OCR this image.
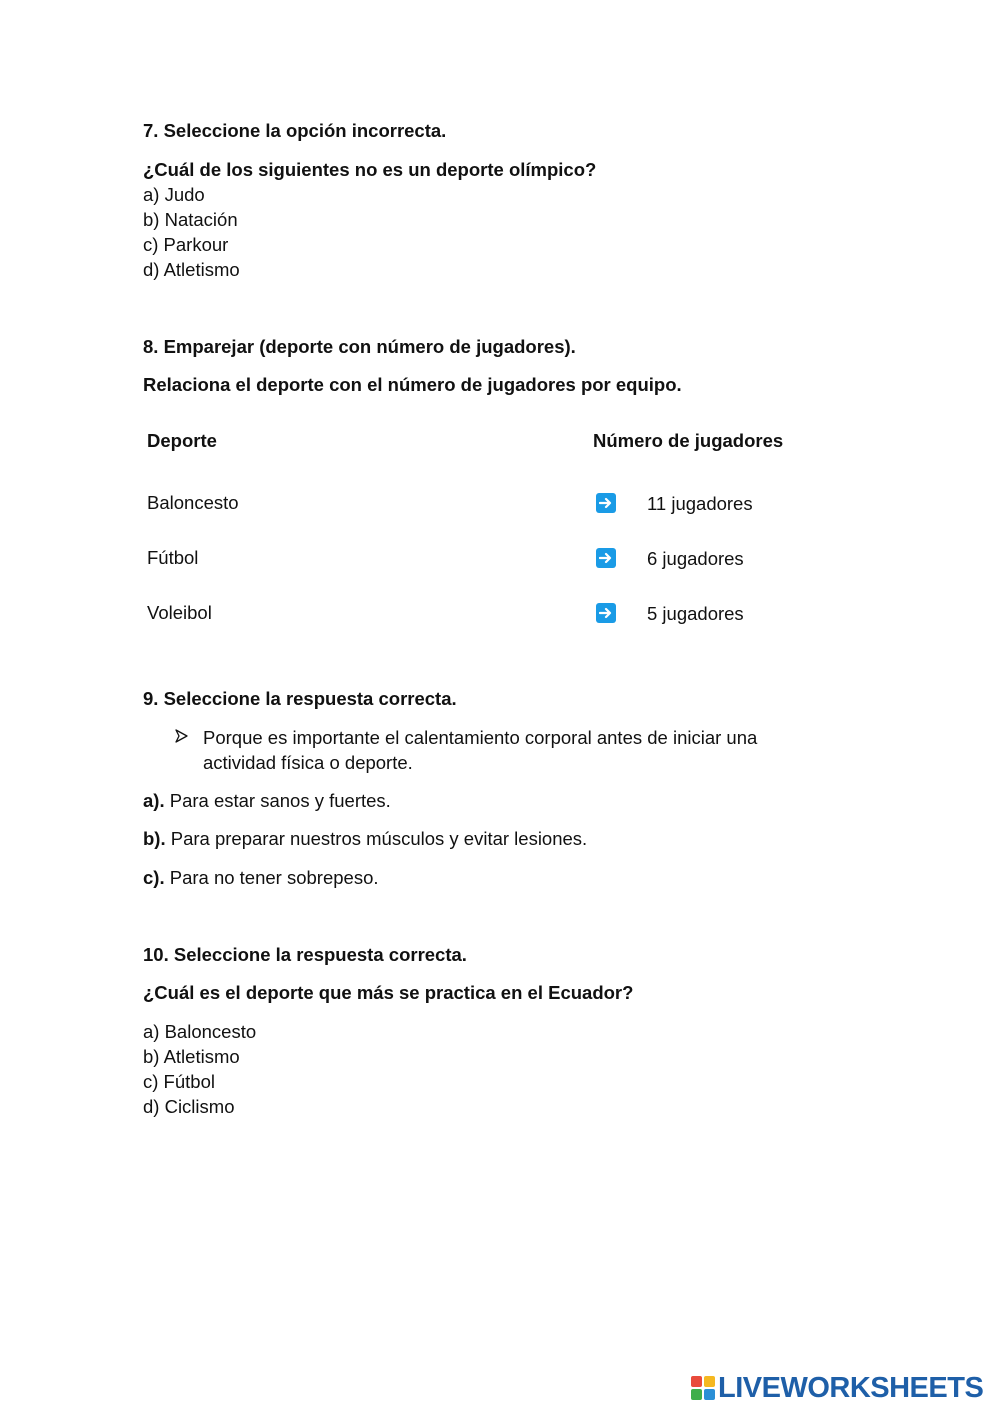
7. Seleccione la opción incorrecta.
¿Cuál de los siguientes no es un deporte olímpico?
a) Judo
b) Natación
c) Parkour
d) Atletismo
8. Emparejar (deporte con número de jugadores).
Relaciona el deporte con el número de jugadores por equipo.
Deporte	Número de jugadores
Baloncesto
Fútbol
Voleibol
11 jugadores
6 jugadores
5 jugadores
9. Seleccione la respuesta correcta.
Porque es importante el calentamiento corporal antes de iniciar una
actividad física o deporte.
a). Para estar sanos y fuertes.
b). Para preparar nuestros músculos y evitar lesiones.
c). Para no tener sobrepeso.
10. Seleccione la respuesta correcta.
¿Cuál es el deporte que más se practica en el Ecuador?
a) Baloncesto
b) Atletismo
c) Fútbol
d) Ciclismo
LIVEWORKSHEETS
